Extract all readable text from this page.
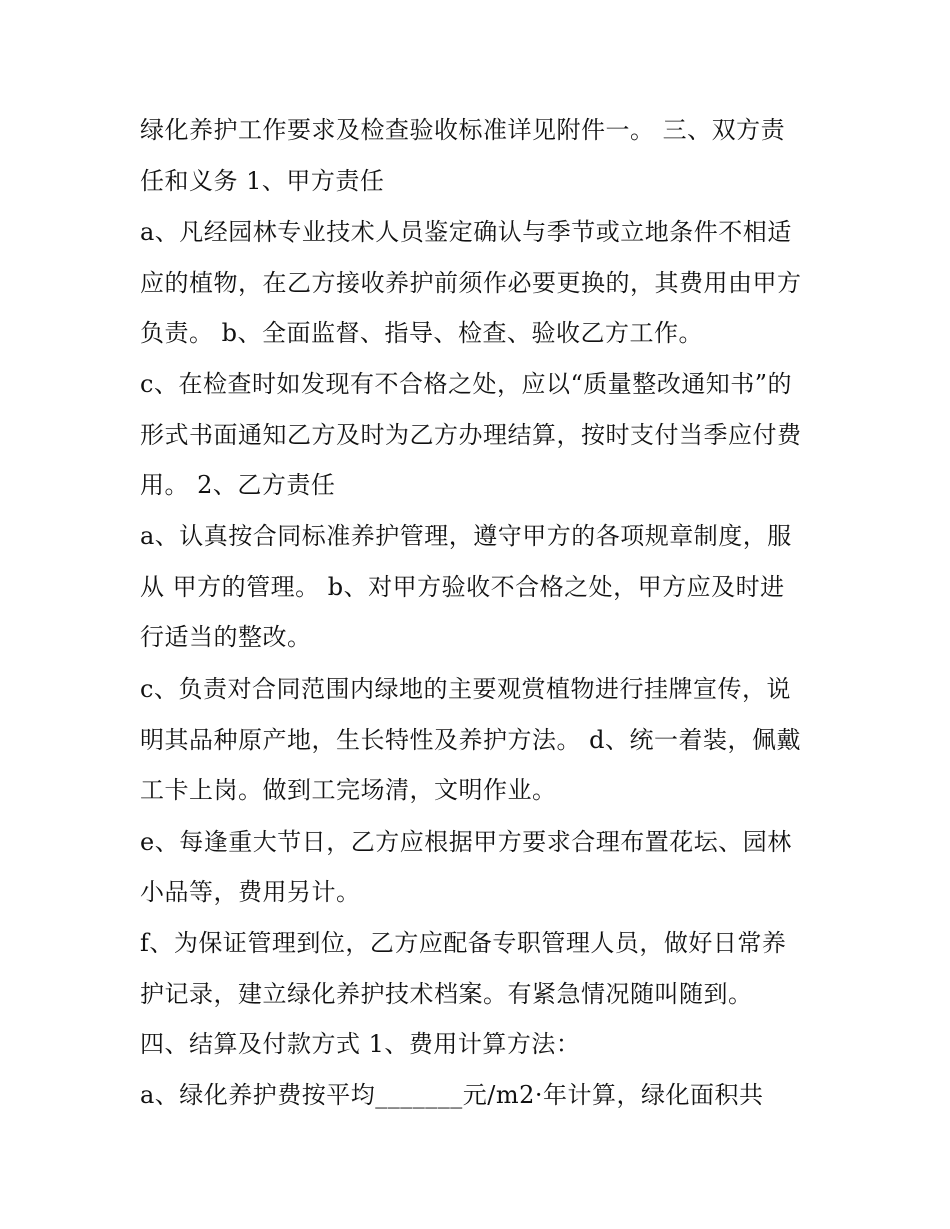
绿化养护工作要求及检查验收标准详见附件一。 三、双方责
任和义务 1、甲方责任
a、凡经园林专业技术人员鉴定确认与季节或立地条件不相适
应的植物，在乙方接收养护前须作必要更换的，其费用由甲方
负责。 b、全面监督、指导、检查、验收乙方工作。
c、在检查时如发现有不合格之处，应以“质量整改通知书”的
形式书面通知乙方及时为乙方办理结算，按时支付当季应付费
用。 2、乙方责任
a、认真按合同标准养护管理，遵守甲方的各项规章制度，服
从 甲方的管理。 b、对甲方验收不合格之处，甲方应及时进
行适当的整改。
c、负责对合同范围内绿地的主要观赏植物进行挂牌宣传，说
明其品种原产地，生长特性及养护方法。 d、统一着装，佩戴
工卡上岗。做到工完场清，文明作业。
e、每逢重大节日，乙方应根据甲方要求合理布置花坛、园林
小品等，费用另计。
f、为保证管理到位，乙方应配备专职管理人员，做好日常养
护记录，建立绿化养护技术档案。有紧急情况随叫随到。
四、结算及付款方式 1、费用计算方法：
a、绿化养护费按平均_______元/m2·年计算，绿化面积共
